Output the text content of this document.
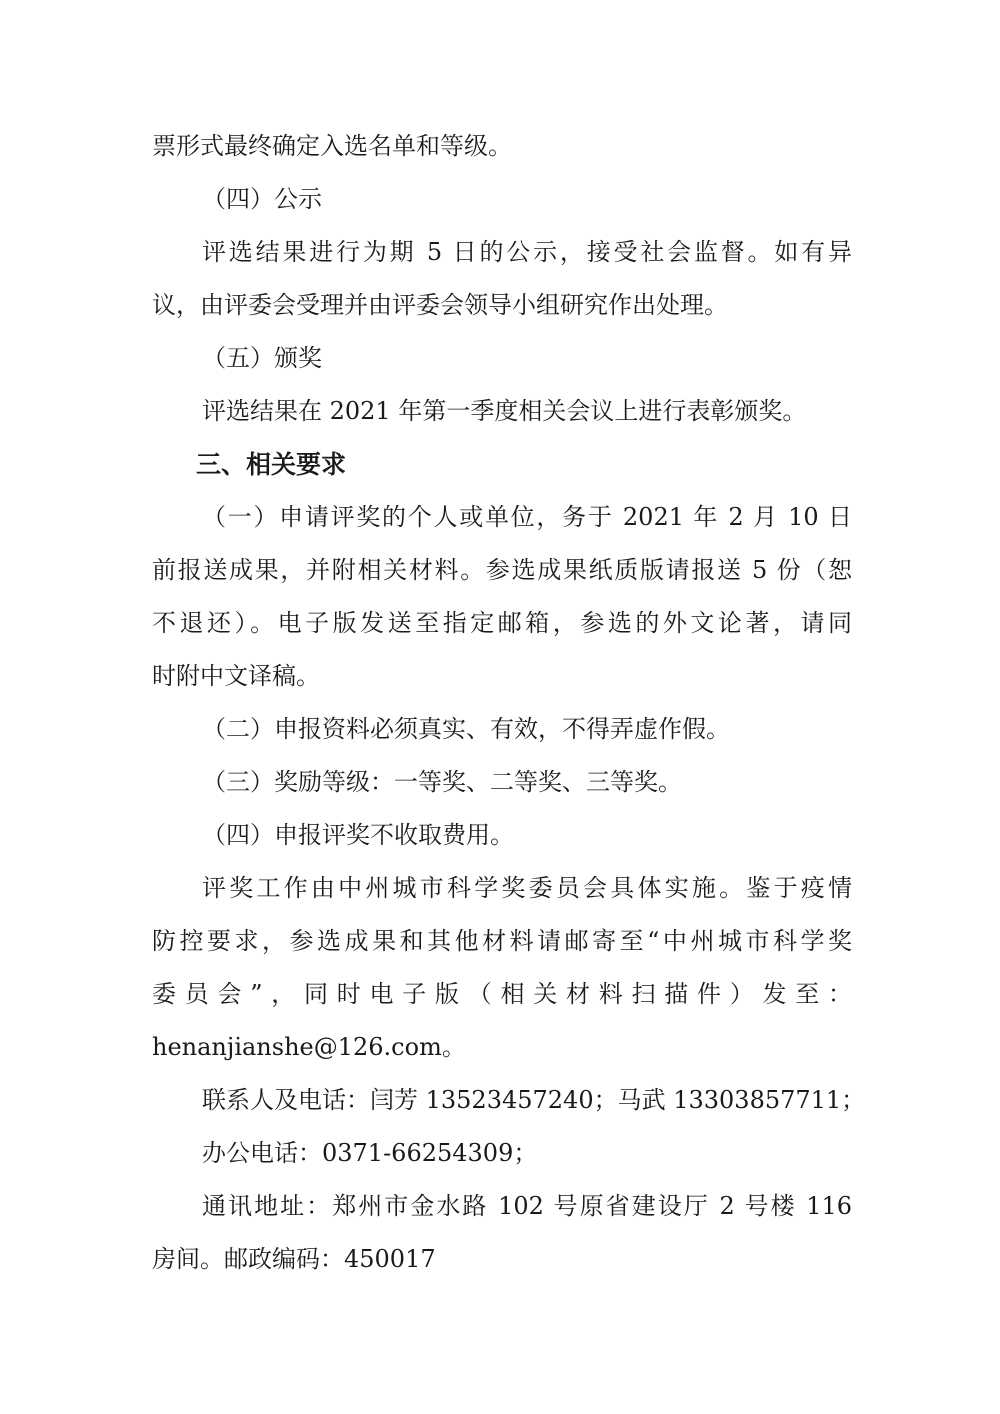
票形式最终确定入选名单和等级。
（四）公示
评选结果进行为期 5 日的公示，接受社会监督。如有异
议，由评委会受理并由评委会领导小组研究作出处理。
（五）颁奖
评选结果在 2021 年第一季度相关会议上进行表彰颁奖。
三、相关要求
（一）申请评奖的个人或单位，务于 2021 年 2 月 10 日
前报送成果，并附相关材料。参选成果纸质版请报送 5 份（恕
不退还）。电子版发送至指定邮箱，参选的外文论著，请同
时附中文译稿。
（二）申报资料必须真实、有效，不得弄虚作假。
（三）奖励等级：一等奖、二等奖、三等奖。
（四）申报评奖不收取费用。
评奖工作由中州城市科学奖委员会具体实施。鉴于疫情
防控要求，参选成果和其他材料请邮寄至“中州城市科学奖
委员会”，同时电子版（相关材料扫描件）发至：
henanjianshe@126.com。
联系人及电话：闫芳 13523457240；马武 13303857711；
办公电话：0371-66254309；
通讯地址：郑州市金水路 102 号原省建设厅 2 号楼 116
房间。邮政编码：450017
